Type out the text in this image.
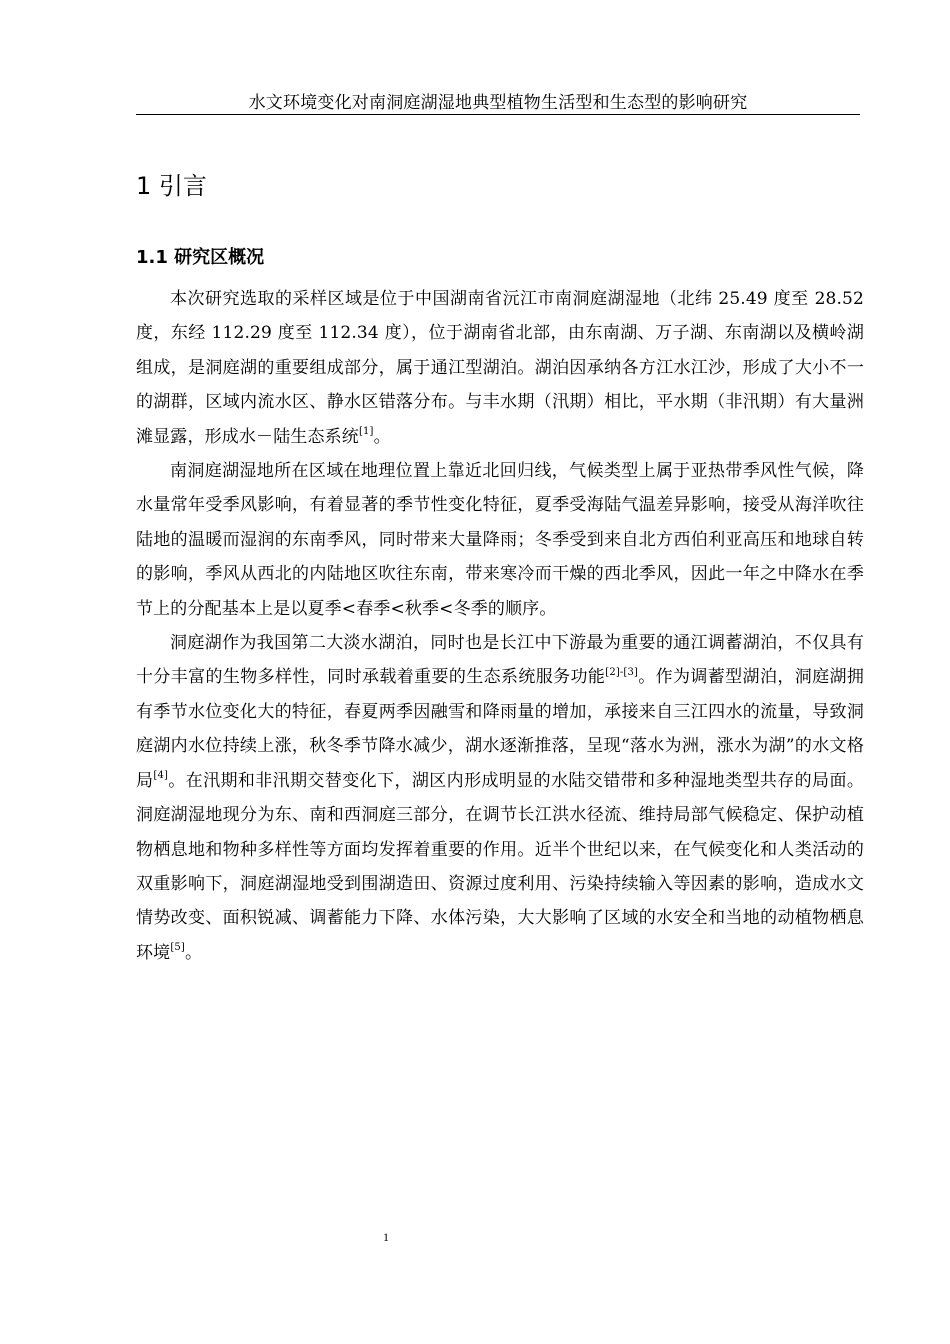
水文环境变化对南洞庭湖湿地典型植物生活型和生态型的影响研究
1 引言
1.1 研究区概况

本次研究选取的采样区域是位于中国湖南省沅江市南洞庭湖湿地（北纬 25.49 度至 28.52 度，东经 112.29 度至 112.34 度），位于湖南省北部，由东南湖、万子湖、东南湖以及横岭湖组成，是洞庭湖的重要组成部分，属于通江型湖泊。湖泊因承纳各方江水江沙，形成了大小不一的湖群，区域内流水区、静水区错落分布。与丰水期（汛期）相比，平水期（非汛期）有大量洲滩显露，形成水－陆生态系统[1]。

南洞庭湖湿地所在区域在地理位置上靠近北回归线，气候类型上属于亚热带季风性气候，降水量常年受季风影响，有着显著的季节性变化特征，夏季受海陆气温差异影响，接受从海洋吹往陆地的温暖而湿润的东南季风，同时带来大量降雨；冬季受到来自北方西伯利亚高压和地球自转的影响，季风从西北的内陆地区吹往东南，带来寒冷而干燥的西北季风，因此一年之中降水在季节上的分配基本上是以夏季<春季<秋季<冬季的顺序。

洞庭湖作为我国第二大淡水湖泊，同时也是长江中下游最为重要的通江调蓄湖泊，不仅具有十分丰富的生物多样性，同时承载着重要的生态系统服务功能[2]-[3]。作为调蓄型湖泊，洞庭湖拥有季节水位变化大的特征，春夏两季因融雪和降雨量的增加，承接来自三江四水的流量，导致洞庭湖内水位持续上涨，秋冬季节降水减少，湖水逐渐推落，呈现“落水为洲，涨水为湖”的水文格局[4]。在汛期和非汛期交替变化下，湖区内形成明显的水陆交错带和多种湿地类型共存的局面。洞庭湖湿地现分为东、南和西洞庭三部分，在调节长江洪水径流、维持局部气候稳定、保护动植物栖息地和物种多样性等方面均发挥着重要的作用。近半个世纪以来，在气候变化和人类活动的双重影响下，洞庭湖湿地受到围湖造田、资源过度利用、污染持续输入等因素的影响，造成水文情势改变、面积锐减、调蓄能力下降、水体污染，大大影响了区域的水安全和当地的动植物栖息环境[5]。

1
